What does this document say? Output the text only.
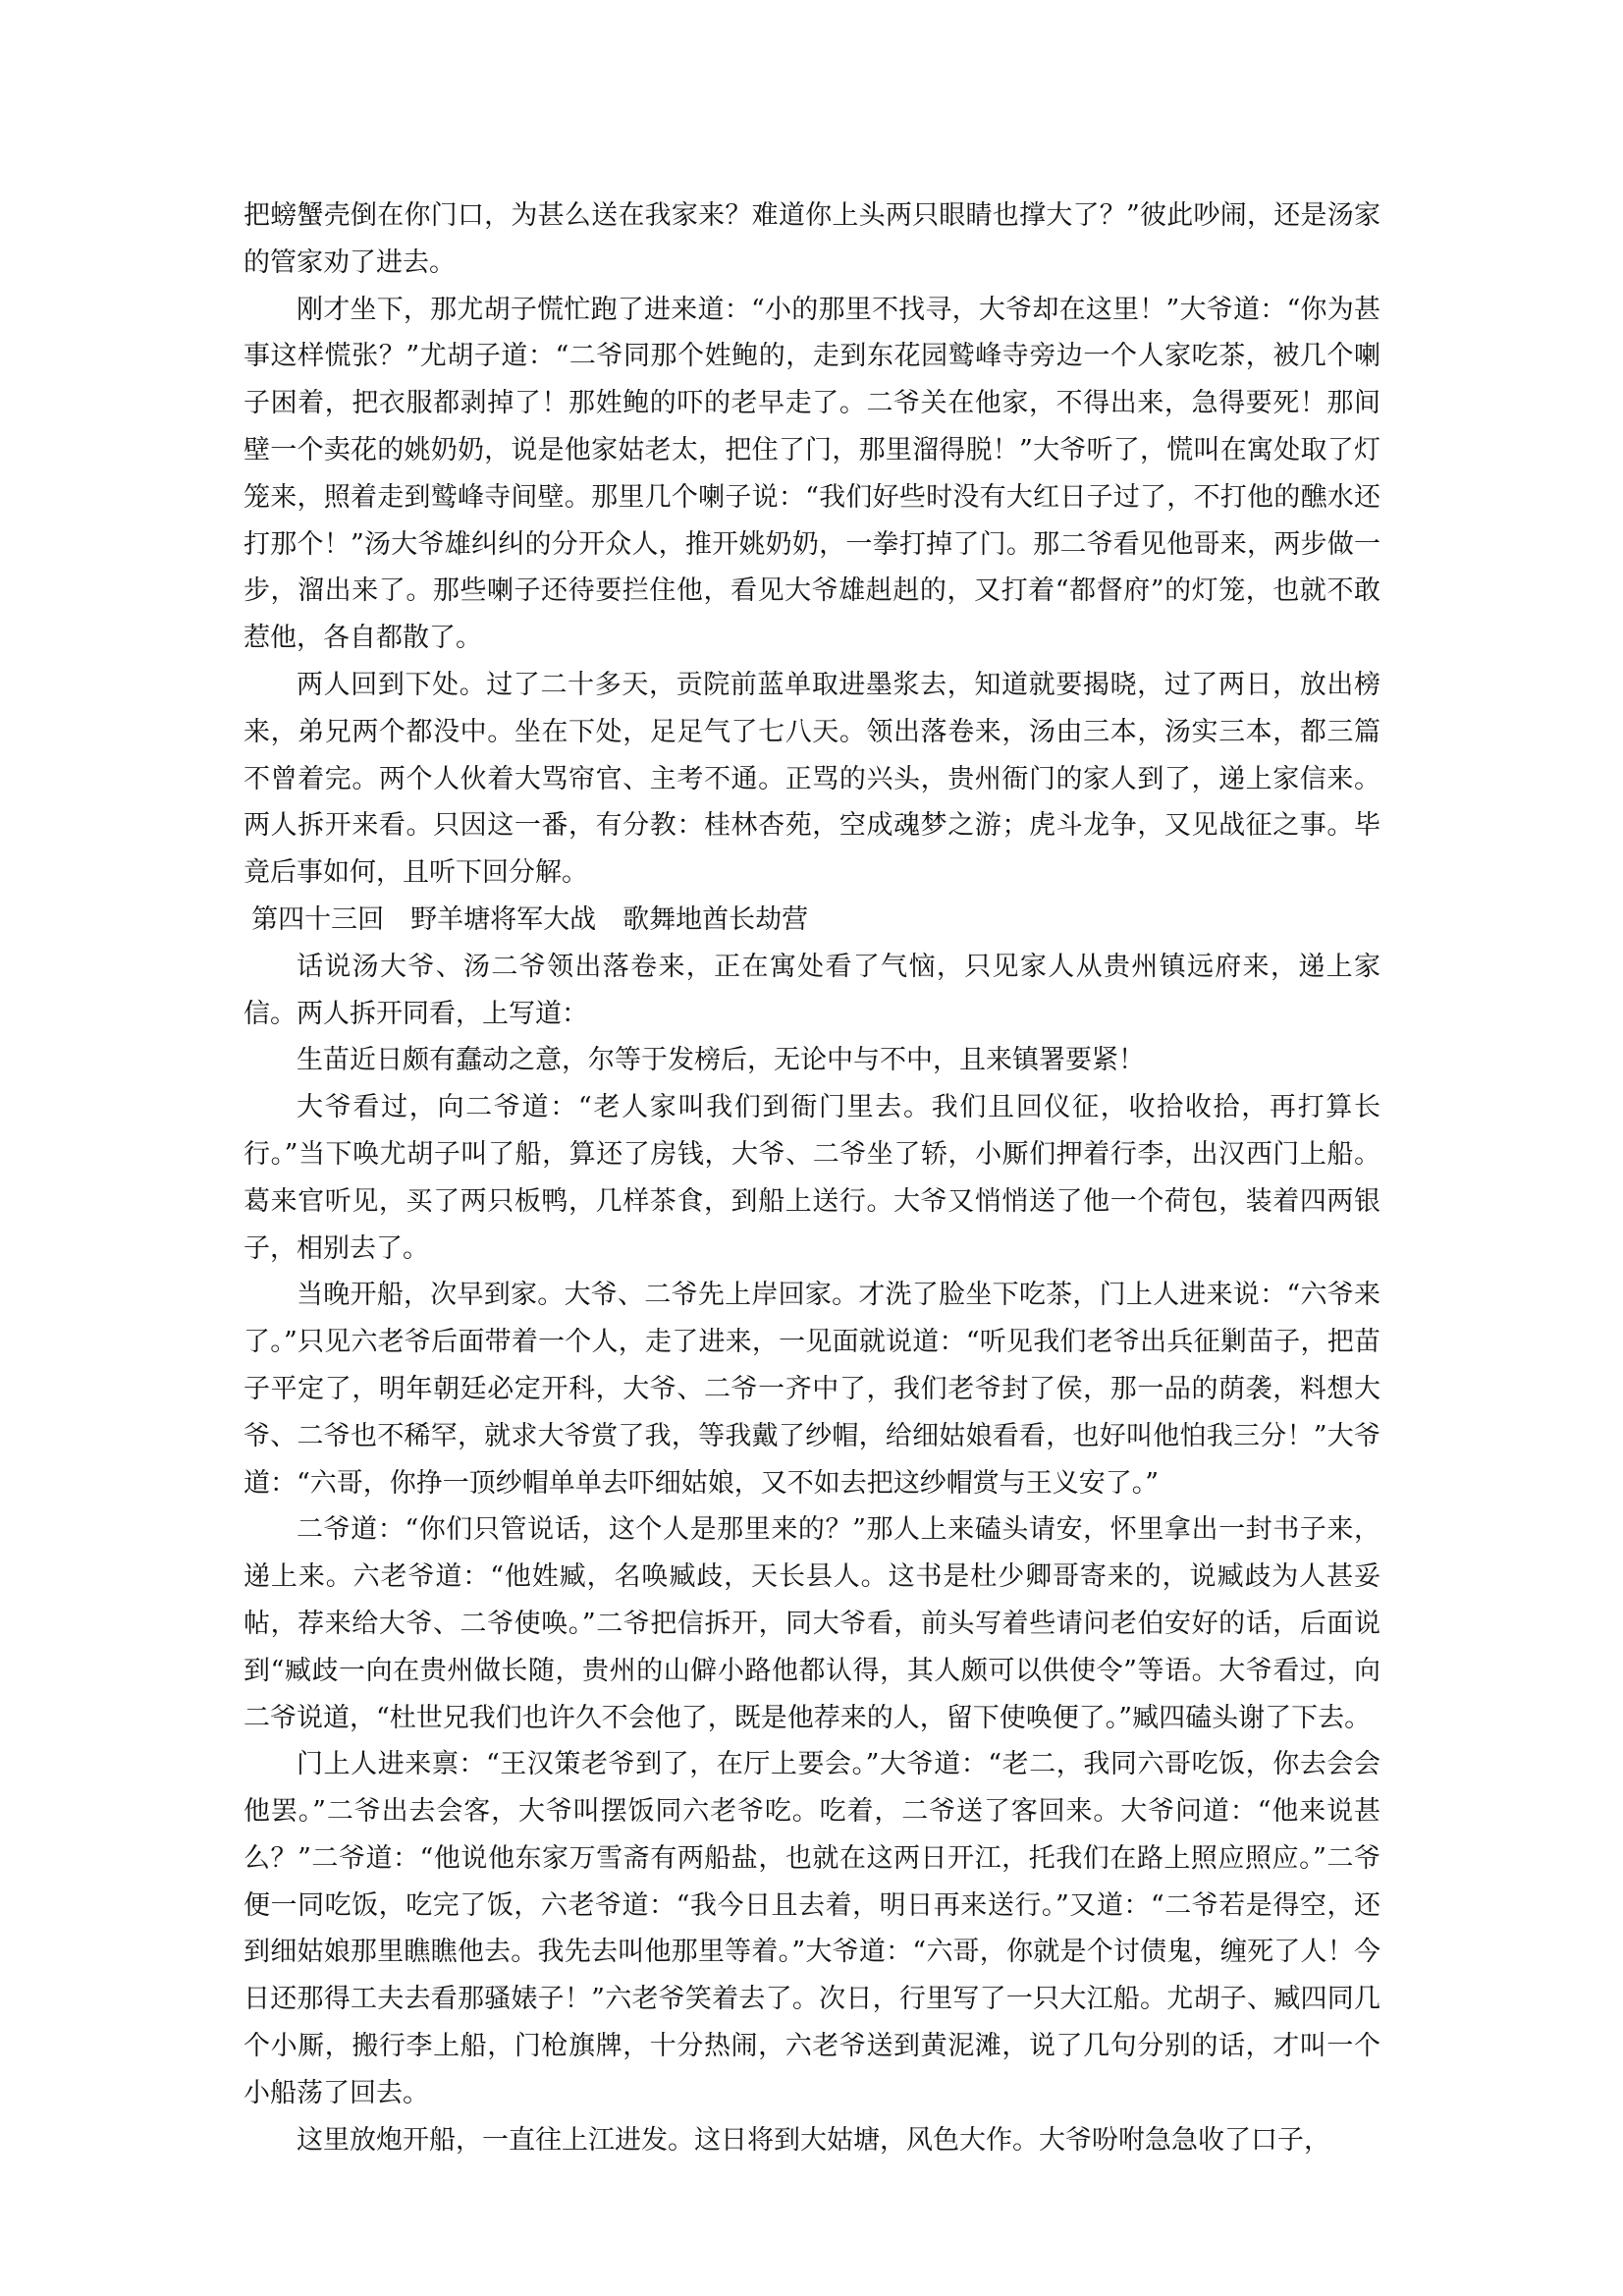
把螃蟹壳倒在你门口，为甚么送在我家来？难道你上头两只眼睛也撑大了？”彼此吵闹，还是汤家的管家劝了进去。

刚才坐下，那尤胡子慌忙跑了进来道：“小的那里不找寻，大爷却在这里！”大爷道：“你为甚事这样慌张？”尤胡子道：“二爷同那个姓鲍的，走到东花园鹫峰寺旁边一个人家吃茶，被几个喇子困着，把衣服都剥掉了！那姓鲍的吓的老早走了。二爷关在他家，不得出来，急得要死！那间壁一个卖花的姚奶奶，说是他家姑老太，把住了门，那里溜得脱！”大爷听了，慌叫在寓处取了灯笼来，照着走到鹫峰寺间壁。那里几个喇子说：“我们好些时没有大红日子过了，不打他的醮水还打那个！”汤大爷雄纠纠的分开众人，推开姚奶奶，一拳打掉了门。那二爷看见他哥来，两步做一步，溜出来了。那些喇子还待要拦住他，看见大爷雄赳赳的，又打着“都督府”的灯笼，也就不敢惹他，各自都散了。

两人回到下处。过了二十多天，贡院前蓝单取进墨浆去，知道就要揭晓，过了两日，放出榜来，弟兄两个都没中。坐在下处，足足气了七八天。领出落卷来，汤由三本，汤实三本，都三篇不曾着完。两个人伙着大骂帘官、主考不通。正骂的兴头，贵州衙门的家人到了，递上家信来。两人拆开来看。只因这一番，有分教：桂林杏苑，空成魂梦之游；虎斗龙争，又见战征之事。毕竟后事如何，且听下回分解。

第四十三回　野羊塘将军大战　歌舞地酋长劫营

话说汤大爷、汤二爷领出落卷来，正在寓处看了气恼，只见家人从贵州镇远府来，递上家信。两人拆开同看，上写道：

生苗近日颇有蠢动之意，尔等于发榜后，无论中与不中，且来镇署要紧！

大爷看过，向二爷道：“老人家叫我们到衙门里去。我们且回仪征，收拾收拾，再打算长行。”当下唤尤胡子叫了船，算还了房钱，大爷、二爷坐了轿，小厮们押着行李，出汉西门上船。葛来官听见，买了两只板鸭，几样茶食，到船上送行。大爷又悄悄送了他一个荷包，装着四两银子，相别去了。

当晚开船，次早到家。大爷、二爷先上岸回家。才洗了脸坐下吃茶，门上人进来说：“六爷来了。”只见六老爷后面带着一个人，走了进来，一见面就说道：“听见我们老爷出兵征剿苗子，把苗子平定了，明年朝廷必定开科，大爷、二爷一齐中了，我们老爷封了侯，那一品的荫袭，料想大爷、二爷也不稀罕，就求大爷赏了我，等我戴了纱帽，给细姑娘看看，也好叫他怕我三分！”大爷道：“六哥，你挣一顶纱帽单单去吓细姑娘，又不如去把这纱帽赏与王义安了。”

二爷道：“你们只管说话，这个人是那里来的？”那人上来磕头请安，怀里拿出一封书子来，递上来。六老爷道：“他姓臧，名唤臧歧，天长县人。这书是杜少卿哥寄来的，说臧歧为人甚妥帖，荐来给大爷、二爷使唤。”二爷把信拆开，同大爷看，前头写着些请问老伯安好的话，后面说到“臧歧一向在贵州做长随，贵州的山僻小路他都认得，其人颇可以供使令”等语。大爷看过，向二爷说道，“杜世兄我们也许久不会他了，既是他荐来的人，留下使唤便了。”臧四磕头谢了下去。

门上人进来禀：“王汉策老爷到了，在厅上要会。”大爷道：“老二，我同六哥吃饭，你去会会他罢。”二爷出去会客，大爷叫摆饭同六老爷吃。吃着，二爷送了客回来。大爷问道：“他来说甚么？”二爷道：“他说他东家万雪斋有两船盐，也就在这两日开江，托我们在路上照应照应。”二爷便一同吃饭，吃完了饭，六老爷道：“我今日且去着，明日再来送行。”又道：“二爷若是得空，还到细姑娘那里瞧瞧他去。我先去叫他那里等着。”大爷道：“六哥，你就是个讨债鬼，缠死了人！今日还那得工夫去看那骚婊子！”六老爷笑着去了。次日，行里写了一只大江船。尤胡子、臧四同几个小厮，搬行李上船，门枪旗牌，十分热闹，六老爷送到黄泥滩，说了几句分别的话，才叫一个小船荡了回去。

这里放炮开船，一直往上江进发。这日将到大姑塘，风色大作。大爷吩咐急急收了口子，
